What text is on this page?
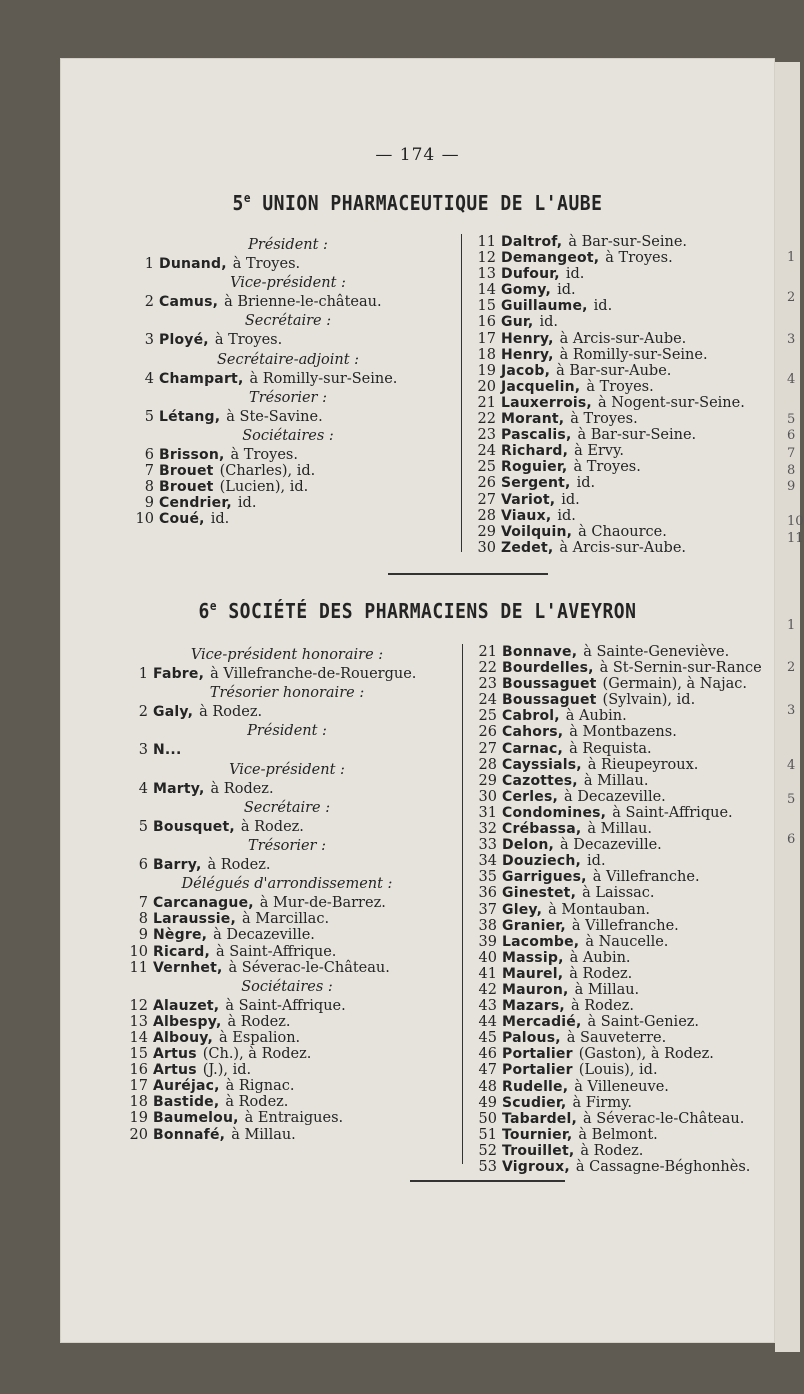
1
2
3
4
5
6
7
8
9
10
11
1
2
3
4
5
6
— 174 —
5e UNION PHARMACEUTIQUE DE L'AUBE
Président :
1 Dunand, à Troyes.
Vice-président :
2 Camus, à Brienne-le-château.
Secrétaire :
3 Ployé, à Troyes.
Secrétaire-adjoint :
4 Champart, à Romilly-sur-Seine.
Trésorier :
5 Létang, à Ste-Savine.
Sociétaires :
6 Brisson, à Troyes.
7 Brouet (Charles), id.
8 Brouet (Lucien), id.
9 Cendrier, id.
10 Coué, id.
11 Daltrof, à Bar-sur-Seine.
12 Demangeot, à Troyes.
13 Dufour, id.
14 Gomy, id.
15 Guillaume, id.
16 Gur, id.
17 Henry, à Arcis-sur-Aube.
18 Henry, à Romilly-sur-Seine.
19 Jacob, à Bar-sur-Aube.
20 Jacquelin, à Troyes.
21 Lauxerrois, à Nogent-sur-Seine.
22 Morant, à Troyes.
23 Pascalis, à Bar-sur-Seine.
24 Richard, à Ervy.
25 Roguier, à Troyes.
26 Sergent, id.
27 Variot, id.
28 Viaux, id.
29 Voilquin, à Chaource.
30 Zedet, à Arcis-sur-Aube.
6e SOCIÉTÉ DES PHARMACIENS DE L'AVEYRON
Vice-président honoraire :
1 Fabre, à Villefranche-de-Rouergue.
Trésorier honoraire :
2 Galy, à Rodez.
Président :
3 N...
Vice-président :
4 Marty, à Rodez.
Secrétaire :
5 Bousquet, à Rodez.
Trésorier :
6 Barry, à Rodez.
Délégués d'arrondissement :
7 Carcanague, à Mur-de-Barrez.
8 Laraussie, à Marcillac.
9 Nègre, à Decazeville.
10 Ricard, à Saint-Affrique.
11 Vernhet, à Séverac-le-Château.
Sociétaires :
12 Alauzet, à Saint-Affrique.
13 Albespy, à Rodez.
14 Albouy, à Espalion.
15 Artus (Ch.), à Rodez.
16 Artus (J.), id.
17 Auréjac, à Rignac.
18 Bastide, à Rodez.
19 Baumelou, à Entraigues.
20 Bonnafé, à Millau.
21 Bonnave, à Sainte-Geneviève.
22 Bourdelles, à St-Sernin-sur-Rance
23 Boussaguet (Germain), à Najac.
24 Boussaguet (Sylvain), id.
25 Cabrol, à Aubin.
26 Cahors, à Montbazens.
27 Carnac, à Requista.
28 Cayssials, à Rieupeyroux.
29 Cazottes, à Millau.
30 Cerles, à Decazeville.
31 Condomines, à Saint-Affrique.
32 Crébassa, à Millau.
33 Delon, à Decazeville.
34 Douziech, id.
35 Garrigues, à Villefranche.
36 Ginestet, à Laissac.
37 Gley, à Montauban.
38 Granier, à Villefranche.
39 Lacombe, à Naucelle.
40 Massip, à Aubin.
41 Maurel, à Rodez.
42 Mauron, à Millau.
43 Mazars, à Rodez.
44 Mercadié, à Saint-Geniez.
45 Palous, à Sauveterre.
46 Portalier (Gaston), à Rodez.
47 Portalier (Louis), id.
48 Rudelle, à Villeneuve.
49 Scudier, à Firmy.
50 Tabardel, à Séverac-le-Château.
51 Tournier, à Belmont.
52 Trouillet, à Rodez.
53 Vigroux, à Cassagne-Béghonhès.
